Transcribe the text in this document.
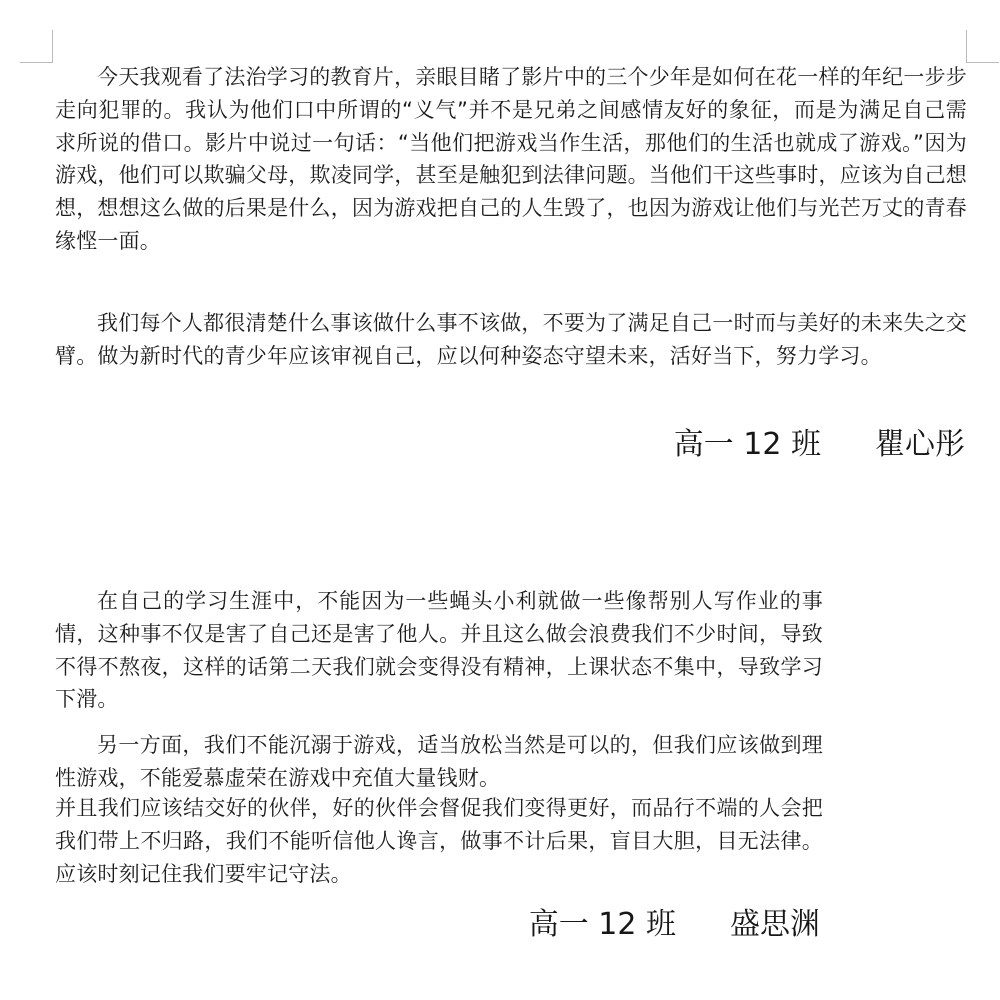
今天我观看了法治学习的教育片，亲眼目睹了影片中的三个少年是如何在花一样的年纪一步步走向犯罪的。我认为他们口中所谓的“义气”并不是兄弟之间感情友好的象征，而是为满足自己需求所说的借口。影片中说过一句话：“当他们把游戏当作生活，那他们的生活也就成了游戏。”因为游戏，他们可以欺骗父母，欺凌同学，甚至是触犯到法律问题。当他们干这些事时，应该为自己想想，想想这么做的后果是什么，因为游戏把自己的人生毁了，也因为游戏让他们与光芒万丈的青春缘悭一面。

我们每个人都很清楚什么事该做什么事不该做，不要为了满足自己一时而与美好的未来失之交臂。做为新时代的青少年应该审视自己，应以何种姿态守望未来，活好当下，努力学习。

高一 12 班 瞿心彤

在自己的学习生涯中，不能因为一些蝇头小利就做一些像帮别人写作业的事情，这种事不仅是害了自己还是害了他人。并且这么做会浪费我们不少时间，导致不得不熬夜，这样的话第二天我们就会变得没有精神，上课状态不集中，导致学习下滑。

另一方面，我们不能沉溺于游戏，适当放松当然是可以的，但我们应该做到理性游戏，不能爱慕虚荣在游戏中充值大量钱财。

并且我们应该结交好的伙伴，好的伙伴会督促我们变得更好，而品行不端的人会把我们带上不归路，我们不能听信他人谗言，做事不计后果，盲目大胆，目无法律。应该时刻记住我们要牢记守法。

高一 12 班 盛思渊
